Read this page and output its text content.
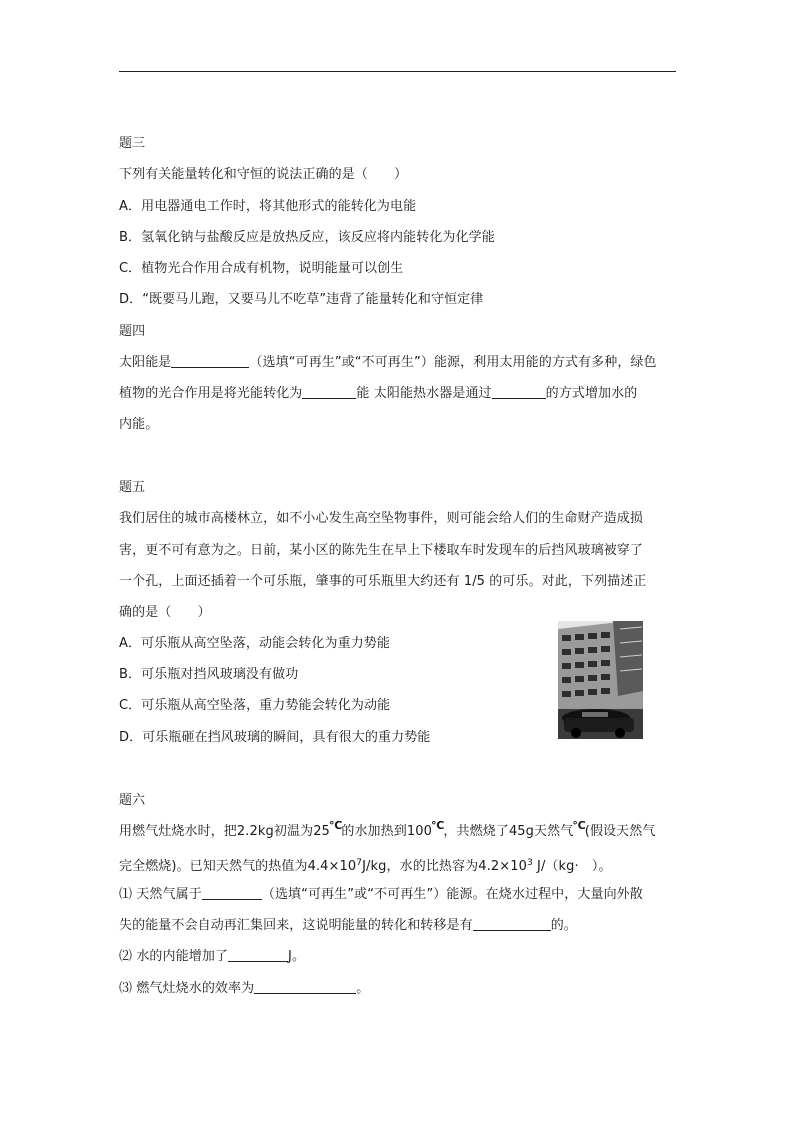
题三
下列有关能量转化和守恒的说法正确的是（　　）
A．用电器通电工作时，将其他形式的能转化为电能
B．氢氧化钠与盐酸反应是放热反应，该反应将内能转化为化学能
C．植物光合作用合成有机物，说明能量可以创生
D．“既要马儿跑，又要马儿不吃草”违背了能量转化和守恒定律
题四
太阳能是	（选填“可再生”或“不可再生”）能源，利用太用能的方式有多种，绿色
植物的光合作用是将光能转化为	能 太阳能热水器是通过	的方式增加水的
内能。
题五
我们居住的城市高楼林立，如不小心发生高空坠物事件，则可能会给人们的生命财产造成损
害，更不可有意为之。日前，某小区的陈先生在早上下楼取车时发现车的后挡风玻璃被穿了
一个孔，上面还插着一个可乐瓶，肇事的可乐瓶里大约还有 1/5 的可乐。对此，下列描述正
确的是（　　）
A．可乐瓶从高空坠落，动能会转化为重力势能
B．可乐瓶对挡风玻璃没有做功
C．可乐瓶从高空坠落，重力势能会转化为动能
D．可乐瓶砸在挡风玻璃的瞬间，具有很大的重力势能
题六
用燃气灶烧水时，把2.2kg初温为25℃的水加热到100℃，共燃烧了45g天然气℃(假设天然气
完全燃烧)。已知天然气的热值为$4.4\times 10^7J/kg$，水的比热容为$4.2\times 10^3$ J/（kg·　）。
⑴ 天然气属于	（选填“可再生”或“不可再生”）能源。在烧水过程中，大量向外散
失的能量不会自动再汇集回来，这说明能量的转化和转移是有	的。
⑵ 水的内能增加了	J。
⑶ 燃气灶烧水的效率为	。
